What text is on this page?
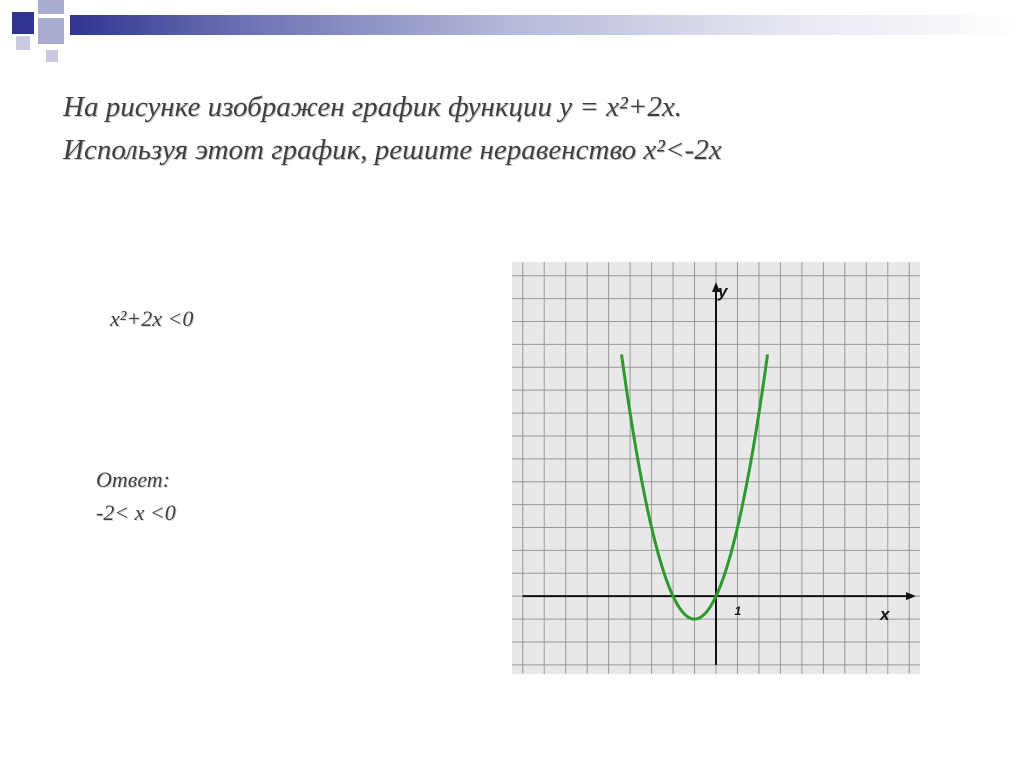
На рисунке изображен график функции у = х²+2х.
Используя этот график, решите неравенство х²<-2х
х²+2х <0
Ответ:
-2< х <0
х
у
1
